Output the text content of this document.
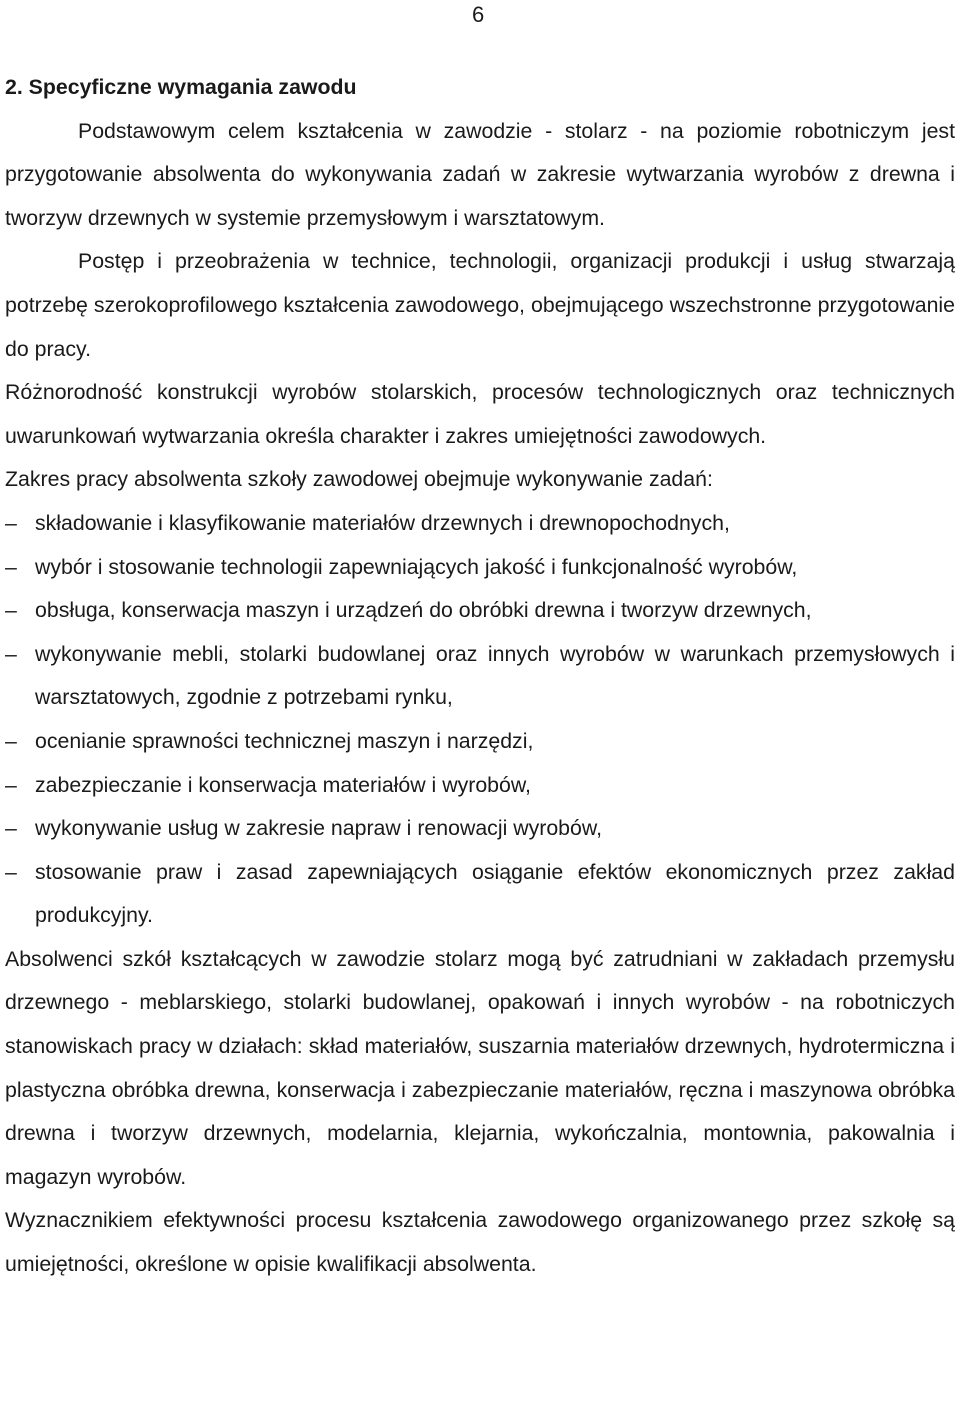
6
2. Specyficzne wymagania zawodu

Podstawowym celem kształcenia w zawodzie - stolarz - na poziomie robotniczym jest przygotowanie absolwenta do wykonywania zadań w zakresie wytwarzania wyrobów z drewna i tworzyw drzewnych w systemie przemysłowym i warsztatowym.

Postęp i przeobrażenia w technice, technologii, organizacji produkcji i usług stwarzają potrzebę szerokoprofilowego kształcenia zawodowego, obejmującego wszechstronne przygotowanie do pracy.

Różnorodność konstrukcji wyrobów stolarskich, procesów technologicznych oraz technicznych uwarunkowań wytwarzania określa charakter i zakres umiejętności zawodowych.

Zakres pracy absolwenta szkoły zawodowej obejmuje wykonywanie zadań:

– składowanie i klasyfikowanie materiałów drzewnych i drewnopochodnych,
– wybór i stosowanie technologii zapewniających jakość i funkcjonalność wyrobów,
– obsługa, konserwacja maszyn i urządzeń do obróbki drewna i tworzyw drzewnych,
– wykonywanie mebli, stolarki budowlanej oraz innych wyrobów w warunkach przemysłowych i warsztatowych, zgodnie z potrzebami rynku,
– ocenianie sprawności technicznej maszyn i narzędzi,
– zabezpieczanie i konserwacja materiałów i wyrobów,
– wykonywanie usług w zakresie napraw i renowacji wyrobów,
– stosowanie praw i zasad zapewniających osiąganie efektów ekonomicznych przez zakład produkcyjny.

Absolwenci szkół kształcących w zawodzie stolarz mogą być zatrudniani w zakładach przemysłu drzewnego - meblarskiego, stolarki budowlanej, opakowań i innych wyrobów - na robotniczych stanowiskach pracy w działach: skład materiałów, suszarnia materiałów drzewnych, hydrotermiczna i plastyczna obróbka drewna, konserwacja i zabezpieczanie materiałów, ręczna i maszynowa obróbka drewna i tworzyw drzewnych, modelarnia, klejarnia, wykończalnia, montownia, pakowalnia i magazyn wyrobów.

Wyznacznikiem efektywności procesu kształcenia zawodowego organizowanego przez szkołę są umiejętności, określone w opisie kwalifikacji absolwenta.
